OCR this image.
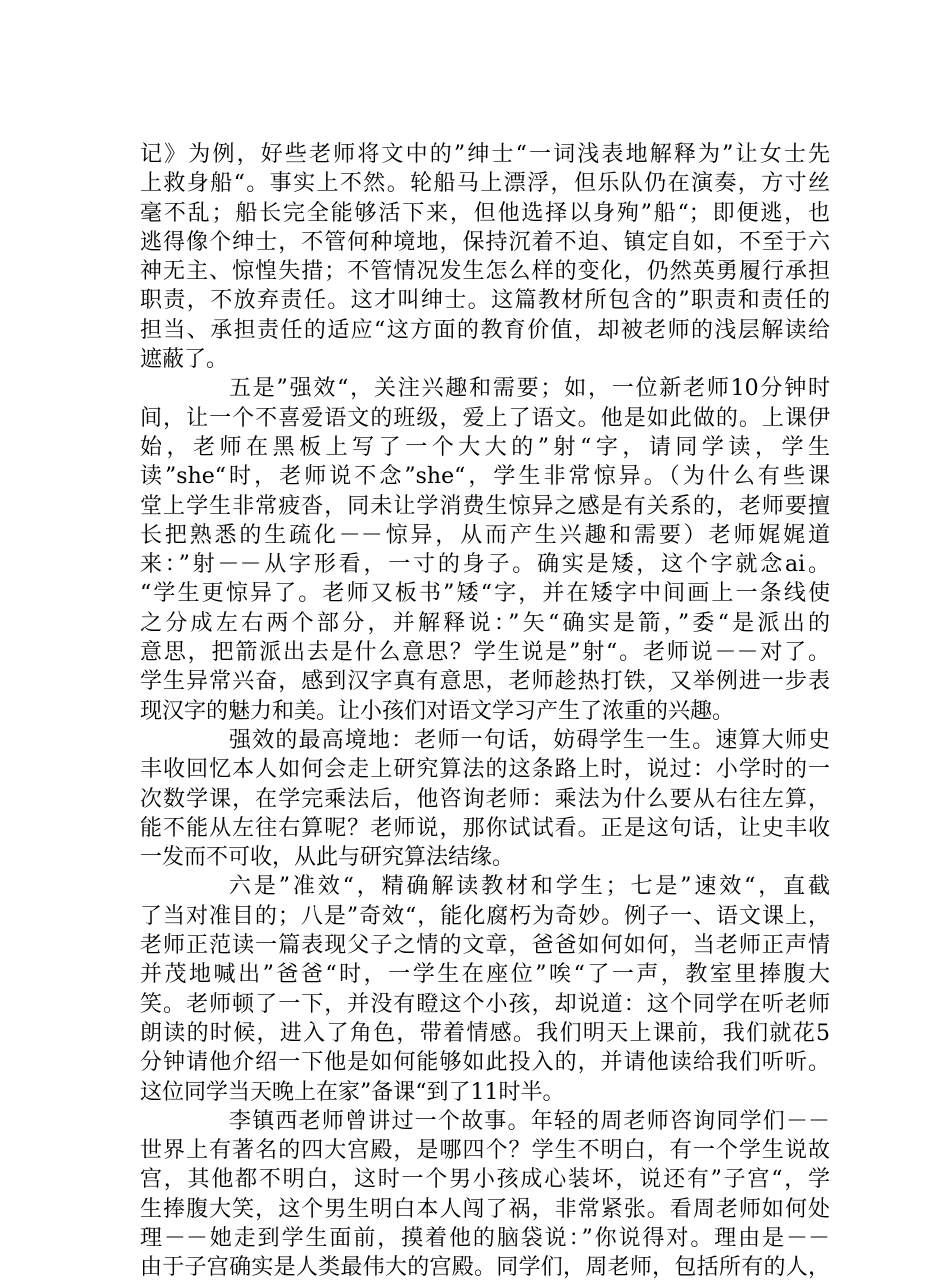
记》为例，好些老师将文中的”绅士“一词浅表地解释为”让女士先
上救身船“。事实上不然。轮船马上漂浮，但乐队仍在演奏，方寸丝
毫不乱；船长完全能够活下来，但他选择以身殉”船“；即便逃，也
逃得像个绅士，不管何种境地，保持沉着不迫、镇定自如，不至于六
神无主、惊惶失措；不管情况发生怎么样的变化，仍然英勇履行承担
职责，不放弃责任。这才叫绅士。这篇教材所包含的”职责和责任的
担当、承担责任的适应“这方面的教育价值，却被老师的浅层解读给
遮蔽了。
五是”强效“，关注兴趣和需要；如，一位新老师10分钟时
间，让一个不喜爱语文的班级，爱上了语文。他是如此做的。上课伊
始，老师在黑板上写了一个大大的”射“字，请同学读，学生
读”she“时，老师说不念”she“，学生非常惊异。（为什么有些课
堂上学生非常疲沓，同未让学消费生惊异之感是有关系的，老师要擅
长把熟悉的生疏化－－惊异，从而产生兴趣和需要）老师娓娓道
来：”射－－从字形看，一寸的身子。确实是矮，这个字就念ai。
“学生更惊异了。老师又板书”矮“字，并在矮字中间画上一条线使
之分成左右两个部分，并解释说：”矢“确实是箭，”委“是派出的
意思，把箭派出去是什么意思？学生说是”射“。老师说－－对了。
学生异常兴奋，感到汉字真有意思，老师趁热打铁，又举例进一步表
现汉字的魅力和美。让小孩们对语文学习产生了浓重的兴趣。
强效的最高境地：老师一句话，妨碍学生一生。速算大师史
丰收回忆本人如何会走上研究算法的这条路上时，说过：小学时的一
次数学课，在学完乘法后，他咨询老师：乘法为什么要从右往左算，
能不能从左往右算呢？老师说，那你试试看。正是这句话，让史丰收
一发而不可收，从此与研究算法结缘。
六是”准效“，精确解读教材和学生；七是”速效“，直截
了当对准目的；八是”奇效“，能化腐朽为奇妙。例子一、语文课上，
老师正范读一篇表现父子之情的文章，爸爸如何如何，当老师正声情
并茂地喊出”爸爸“时，一学生在座位”唉“了一声，教室里捧腹大
笑。老师顿了一下，并没有瞪这个小孩，却说道：这个同学在听老师
朗读的时候，进入了角色，带着情感。我们明天上课前，我们就花5
分钟请他介绍一下他是如何能够如此投入的，并请他读给我们听听。
这位同学当天晚上在家”备课“到了11时半。
李镇西老师曾讲过一个故事。年轻的周老师咨询同学们－－
世界上有著名的四大宫殿，是哪四个？学生不明白，有一个学生说故
宫，其他都不明白，这时一个男小孩成心装坏，说还有”子宫“，学
生捧腹大笑，这个男生明白本人闯了祸，非常紧张。看周老师如何处
理－－她走到学生面前，摸着他的脑袋说：”你说得对。理由是－－
由于子宫确实是人类最伟大的宫殿。同学们，周老师，包括所有的人，
